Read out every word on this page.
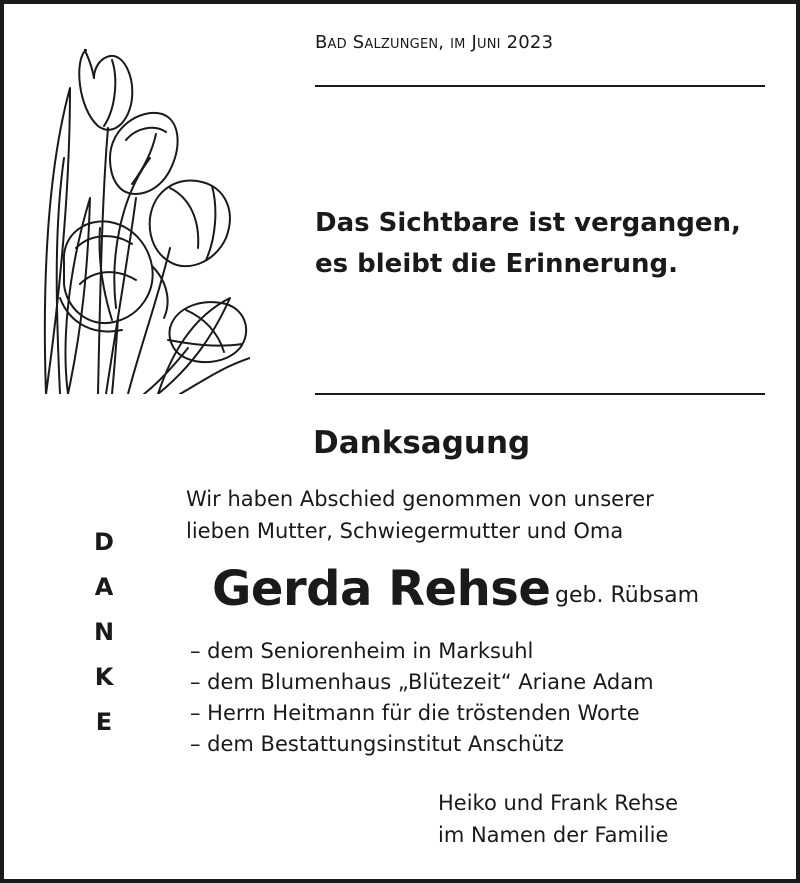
Bad Salzungen, im Juni 2023
Das Sichtbare ist vergangen,
es bleibt die Erinnerung.
Danksagung
Wir haben Abschied genommen von unserer
lieben Mutter, Schwiegermutter und Oma
D
A
N
K
E
Gerda Rehse geb. Rübsam
– dem Seniorenheim in Marksuhl
– dem Blumenhaus „Blütezeit“ Ariane Adam
– Herrn Heitmann für die tröstenden Worte
– dem Bestattungsinstitut Anschütz
Heiko und Frank Rehse
im Namen der Familie
